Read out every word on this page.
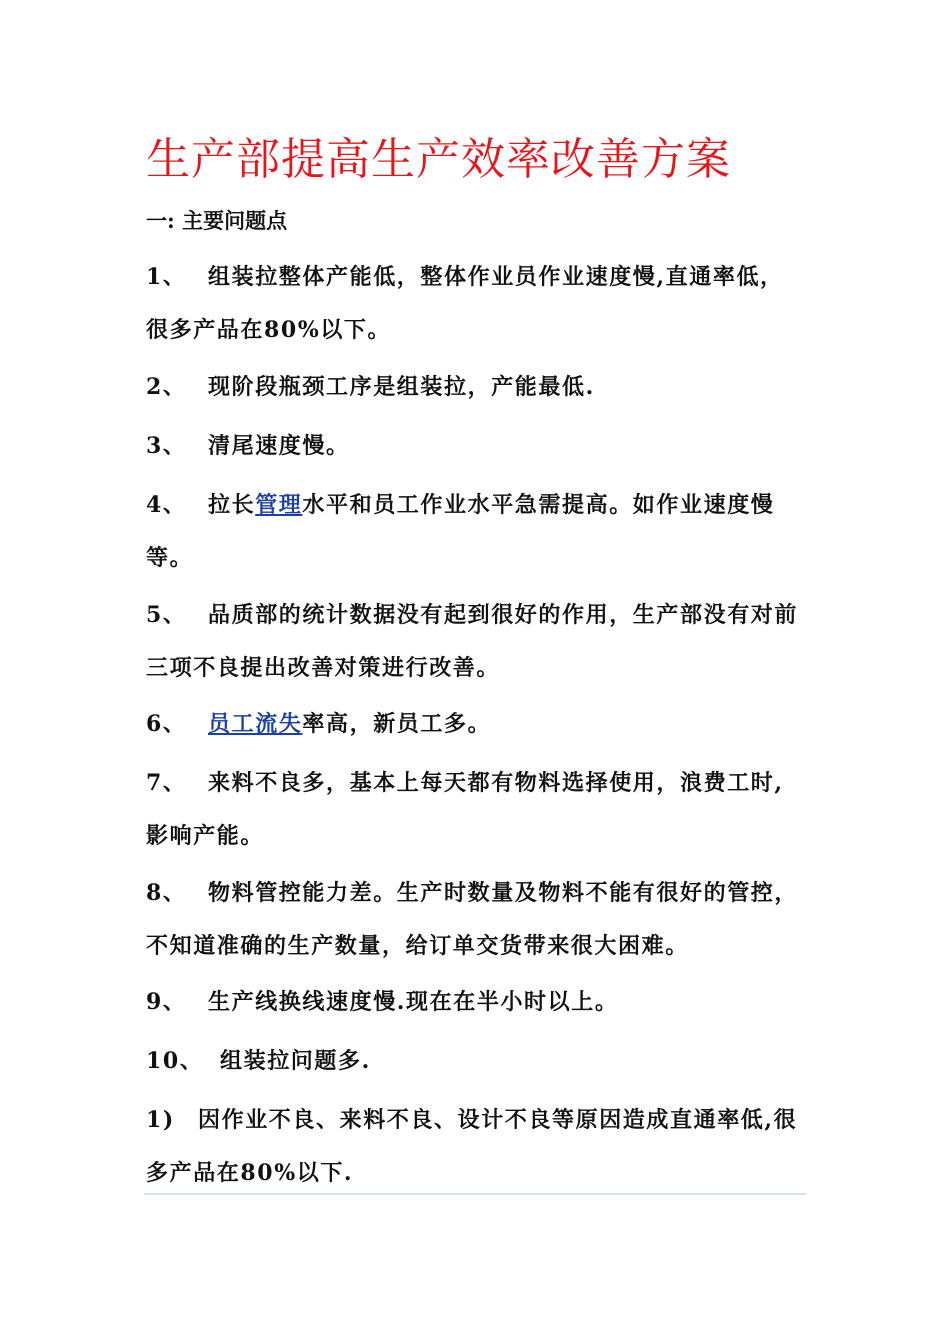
生产部提高生产效率改善方案
一: 主要问题点
1、 组装拉整体产能低，整体作业员作业速度慢,直通率低，很多产品在80%以下。
2、 现阶段瓶颈工序是组装拉，产能最低.
3、 清尾速度慢。
4、 拉长管理水平和员工作业水平急需提高。如作业速度慢等。
5、 品质部的统计数据没有起到很好的作用，生产部没有对前三项不良提出改善对策进行改善。
6、 员工流失率高，新员工多。
7、 来料不良多，基本上每天都有物料选择使用，浪费工时,影响产能。
8、 物料管控能力差。生产时数量及物料不能有很好的管控，不知道准确的生产数量，给订单交货带来很大困难。
9、 生产线换线速度慢.现在在半小时以上。
10、 组装拉问题多.
1) 因作业不良、来料不良、设计不良等原因造成直通率低,很多产品在80%以下.
